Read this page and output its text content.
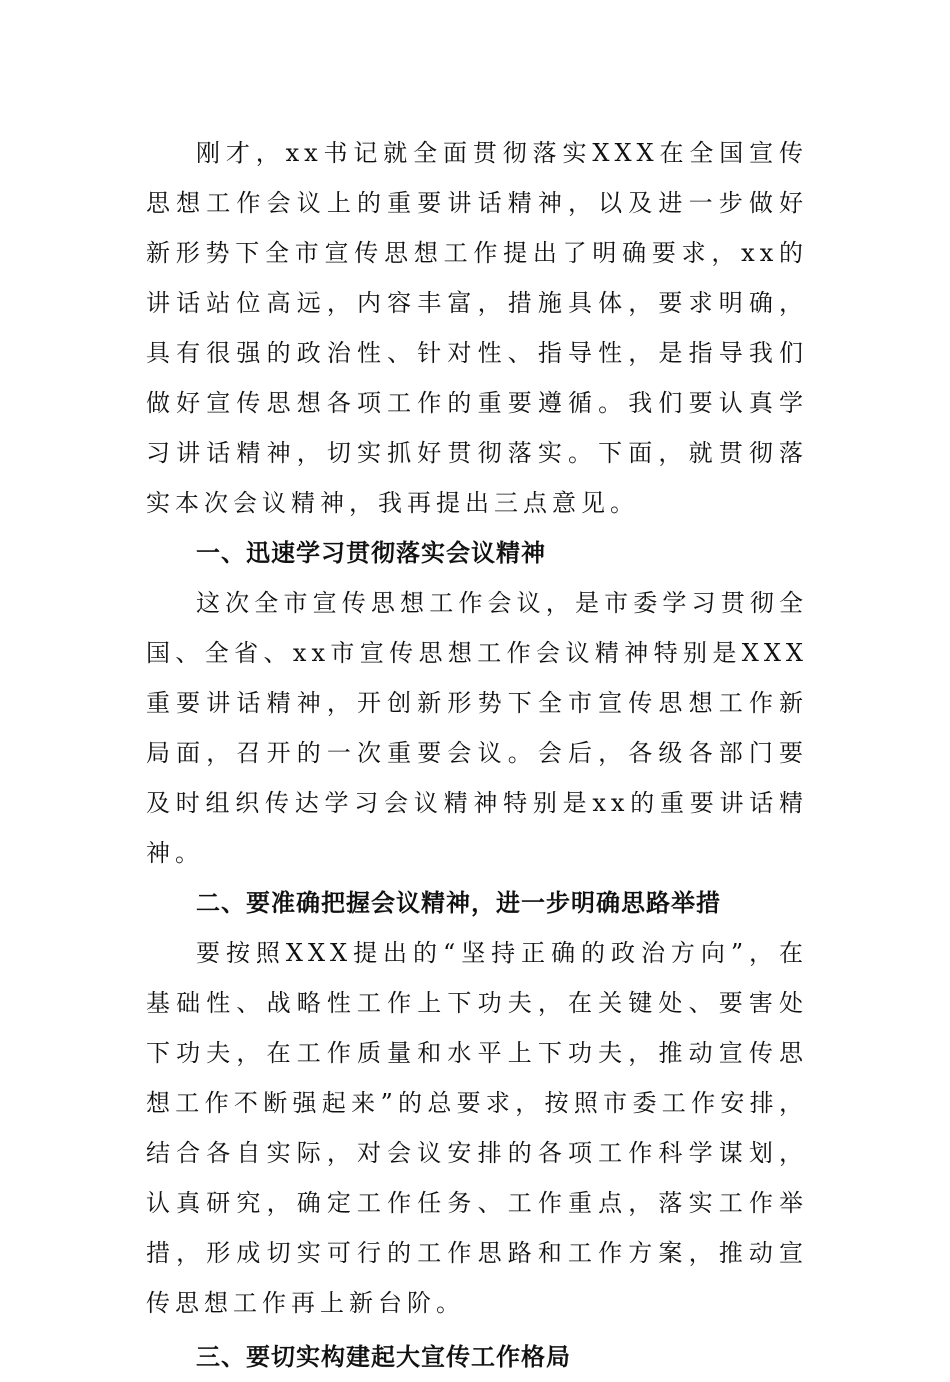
刚才，xx书记就全面贯彻落实XXX在全国宣传思想工作会议上的重要讲话精神，以及进一步做好新形势下全市宣传思想工作提出了明确要求，xx的讲话站位高远，内容丰富，措施具体，要求明确，具有很强的政治性、针对性、指导性，是指导我们做好宣传思想各项工作的重要遵循。我们要认真学习讲话精神，切实抓好贯彻落实。下面，就贯彻落实本次会议精神，我再提出三点意见。

一、迅速学习贯彻落实会议精神

这次全市宣传思想工作会议，是市委学习贯彻全国、全省、xx市宣传思想工作会议精神特别是XXX重要讲话精神，开创新形势下全市宣传思想工作新局面，召开的一次重要会议。会后，各级各部门要及时组织传达学习会议精神特别是xx的重要讲话精神。

二、要准确把握会议精神，进一步明确思路举措

要按照XXX提出的“坚持正确的政治方向”，在基础性、战略性工作上下功夫，在关键处、要害处下功夫，在工作质量和水平上下功夫，推动宣传思想工作不断强起来”的总要求，按照市委工作安排，结合各自实际，对会议安排的各项工作科学谋划，认真研究，确定工作任务、工作重点，落实工作举措，形成切实可行的工作思路和工作方案，推动宣传思想工作再上新台阶。

三、要切实构建起大宣传工作格局
